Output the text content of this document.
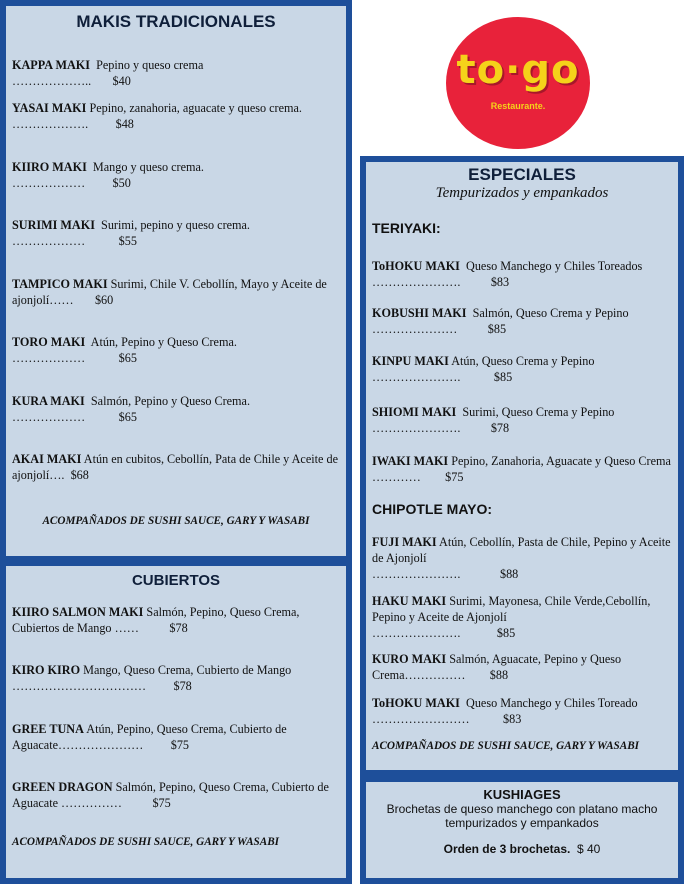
MAKIS TRADICIONALES
KAPPA MAKI Pepino y queso crema
………………..       $40
YASAI MAKI Pepino, zanahoria, aguacate y queso crema.
……………….         $48
KIIRO MAKI Mango y queso crema.
………………         $50
SURIMI MAKI Surimi, pepino y queso crema.
………………           $55
TAMPICO MAKI Surimi, Chile V. Cebollín, Mayo y Aceite de ajonjolí……       $60
TORO MAKI Atún, Pepino y Queso Crema.
………………           $65
KURA MAKI Salmón, Pepino y Queso Crema.
………………           $65
AKAI MAKI Atún en cubitos, Cebollín, Pata de Chile y Aceite de ajonjolí….  $68
ACOMPAÑADOS DE SUSHI SAUCE, GARY Y WASABI
CUBIERTOS
KIIRO SALMON MAKI Salmón, Pepino, Queso Crema, Cubiertos de Mango ……          $78
KIRO KIRO Mango, Queso Crema, Cubierto de Mango ……………………………         $78
GREE TUNA Atún, Pepino, Queso Crema, Cubierto de Aguacate…………………         $75
GREEN DRAGON Salmón, Pepino, Queso Crema, Cubierto de Aguacate ……………          $75
ACOMPAÑADOS DE SUSHI SAUCE, GARY Y WASABI
to·go
Restaurante.
ESPECIALES
Tempurizados y empankados
TERIYAKI:
ToHOKU MAKI Queso Manchego y Chiles Toreados
………………….          $83
KOBUSHI MAKI Salmón, Queso Crema y Pepino
…………………          $85
KINPU MAKI Atún, Queso Crema y Pepino
………………….           $85
SHIOMI MAKI Surimi, Queso Crema y Pepino
………………….          $78
IWAKI MAKI Pepino, Zanahoria, Aguacate y Queso Crema …………        $75
CHIPOTLE MAYO:
FUJI MAKI Atún, Cebollín, Pasta de Chile, Pepino y Aceite de Ajonjolí
………………….             $88
HAKU MAKI Surimi, Mayonesa, Chile Verde,Cebollín, Pepino y Aceite de Ajonjolí
………………….            $85
KURO MAKI Salmón, Aguacate, Pepino y Queso Crema……………        $88
ToHOKU MAKI Queso Manchego y Chiles Toreado
……………………           $83
ACOMPAÑADOS DE SUSHI SAUCE, GARY Y WASABI
KUSHIAGES
Brochetas de queso manchego con platano macho
tempurizados y empankados
Orden de 3 brochetas. $ 40
